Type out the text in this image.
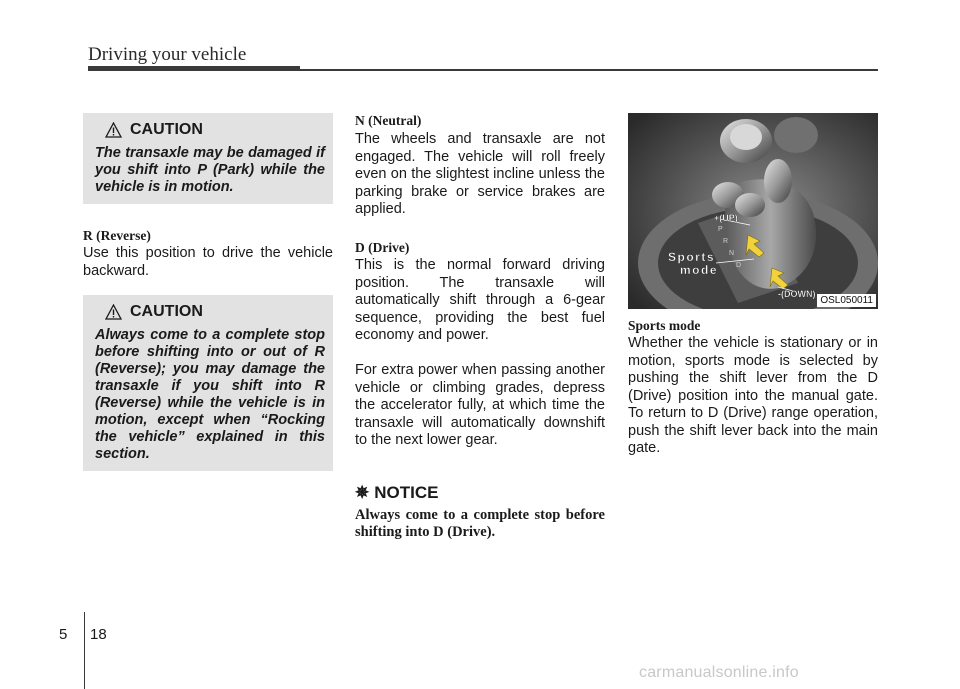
Driving your vehicle
CAUTION
The transaxle may be damaged if you shift into P (Park) while the vehicle is in motion.
R (Reverse)
Use this position to drive the vehicle backward.
CAUTION
Always come to a complete stop before shifting into or out of R (Reverse); you may damage the transaxle if you shift into R (Reverse) while the vehicle is in motion, except when “Rocking the vehicle” explained in this section.
N (Neutral)
The wheels and transaxle are not engaged. The vehicle will roll freely even on the slightest incline unless the parking brake or service brakes are applied.
D (Drive)
This is the normal forward driving position. The transaxle will automatically shift through a 6-gear sequence, providing the best fuel economy and power.
For extra power when passing another vehicle or climbing grades, depress the accelerator fully, at which time the transaxle will automatically downshift to the next lower gear.
✵ NOTICE
Always come to a complete stop before shifting into D (Drive).
+(UP)
Sports
mode
-(DOWN)
P
R
N
D
OSL050011
Sports mode
Whether the vehicle is stationary or in motion, sports mode is selected by pushing the shift lever from the D (Drive) position into the manual gate. To return to D (Drive) range operation, push the shift lever back into the main gate.
5 18
carmanualsonline.info
